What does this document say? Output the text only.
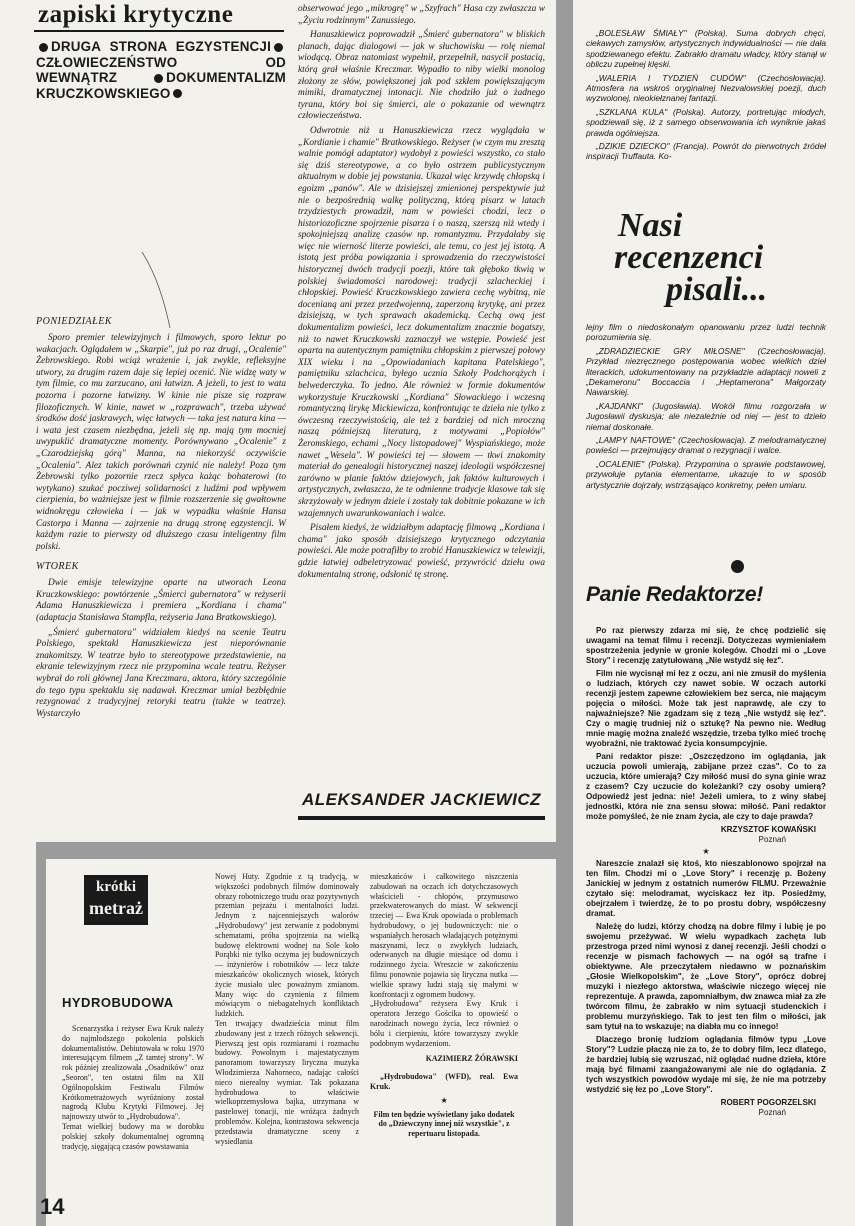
zapiski krytyczne
DRUGA STRONA EGZYSTENCJI CZŁOWIECZEŃSTWO OD WEWNĄTRZ	DOKUMENTALIZM KRUCZKOWSKIEGO
PONIEDZIAŁEK

Sporo premier telewizyjnych i filmowych, sporo lektur po wakacjach. Oglądałem w „Skarpie", już po raz drugi, „Ocalenie" Żebrowskiego. Robi wciąż wrażenie i, jak zwykle, refleksyjne utwory, za drugim razem daje się lepiej ocenić. Nie widzę waty w tym filmie, co mu zarzucano, ani łatwizn. A jeżeli, to jest to wata pozorna i pozorne łatwizny. W kinie nie pisze się rozpraw filozoficznych. W kinie, nawet w „rozprawach", trzeba używać środków dość jaskrawych, więc łatwych — taka jest natura kina — i wata jest czasem niezbędna, jeżeli się np. mają tym mocniej uwypuklić dramatyczne momenty. Porównywano „Ocalenie" z „Czarodziejską górą" Manna, na niekorzyść oczywiście „Ocalenia". Alez takich porównań czynić nie należy! Poza tym Żebrowski tylko pozornie rzecz spłyca każąc bohaterowi (to wytykano) szukać pocziwej solidarności z ludźmi pod wpływem cierpienia, bo ważniejsze jest w filmie rozszerzenie się gwałtowne widnokręgu człowieka i — jak w wypadku właśnie Hansa Castorpa i Manna — zajrzenie na drugą stronę egzystencji. W każdym razie to pierwszy od dłuższego czasu inteligentny film polski.

WTOREK

Dwie emisje telewizyjne oparte na utworach Leona Kruczkowskiego: powtórzenie „Śmierci gubernatora" w reżyserii Adama Hanuszkiewicza i premiera „Kordiana i chama" (adaptacja Stanisława Stampfla, reżyseria Jana Bratkowskiego).

„Śmierć gubernatora" widziałem kiedyś na scenie Teatru Polskiego, spektakl Hanuszkiewicza jest nieporównanie znakomitszy. W teatrze było to stereotypowe przedstawienie, na ekranie telewizyjnym rzecz nie przypomina wcale teatru. Reżyser wybrał do roli głównej Jana Kreczmara, aktora, który szczególnie do tego typu spektaklu się nadawał. Kreczmar umiał bezbłędnie rezygnować z tradycyjnej retoryki teatru (także w teatrze). Wystarczyło

obserwować jego „mikrogrę" w „Szyfrach" Hasa czy zwłaszcza w „Życiu rodzinnym" Zanussiego.

Hanuszkiewicz poprowadził „Śmierć gubernatora" w bliskich planach, dając dialogowi — jak w słuchowisku — rolę niemal wiodącą. Obraz natomiast wypełnił, przepełnił, nasycił postacią, którą grał właśnie Kreczmar. Wypadło to niby wielki monolog złożony ze słów, powiększonej jak pod szkłem powiększającym mimiki, dramatycznej intonacji. Nie chodziło już o żadnego tyrana, który boi się śmierci, ale o pokazanie od wewnątrz człowieczeństwa.

Odwrotnie niż u Hanuszkiewicza rzecz wyglądała w „Kordianie i chamie" Bratkowskiego. Reżyser (w czym mu zresztą walnie pomógł adaptator) wydobył z powieści wszystko, co stało się dziś stereotypowe, a co było ostrzem publicystycznym aktualnym w dobie jej powstania. Ukazał więc krzywdę chłopską i egoizm „panów". Ale w dzisiejszej zmienionej perspektywie już nie o bezpośrednią walkę polityczną, którą pisarz w latach trzydziestych prowadził, nam w powieści chodzi, lecz o historiozoficzne spojrzenie pisarza i o naszą, szerszą niż wtedy i spokojniejszą analizę czasów np. romantyzmu. Przydałaby się więc nie wierność literze powieści, ale temu, co jest jej istotą. A istotą jest próba powiązania i sprowadzenia do rzeczywistości historycznej dwóch tradycji poezji, które tak głęboko tkwią w polskiej świadomości narodowej: tradycji szlacheckiej i chłopskiej. Powieść Kruczkowskiego zawiera cechę wybitną, nie docenianą ani przez przedwojenną, zaperzoną krytykę, ani przez dzisiejszą, w tych sprawach akademicką. Cechą ową jest dokumentalizm powieści, lecz dokumentalizm znacznie bogatszy, niż to nawet Kruczkowski zaznaczył we wstępie. Powieść jest oparta na autentycznym pamiętniku chłopskim z pierwszej połowy XIX wieku i na „Opowiadaniach kapitana Patelskiego", pamiętniku szlachcica, byłego ucznia Szkoły Podchorążych i belwederczyka. To jedno. Ale również w formie dokumentów wykorzystuje Kruczkowski „Kordiana" Słowackiego i wczesną romantyczną lirykę Mickiewicza, konfrontując te dzieła nie tylko z ówczesną rzeczywistością, ale też z bardziej od nich mroczną naszą późniejszą literaturą, z motywami „Popiołów" Żeromskiego, echami „Nocy listopadowej" Wyspiańskiego, może nawet „Wesela". W powieści tej — słowem — tkwi znakomity materiał do genealogii historycznej naszej ideologii współczesnej zarówno w planie faktów dziejowych, jak faktów kulturowych i artystycznych, zwłaszcza, że te odmienne tradycje klasowe tak się skrzyżowały w jednym dziele i zostały tak dobitnie pokazane w ich wzajemnych uwarunkowaniach i walce.

Pisałem kiedyś, że widziałbym adaptację filmową „Kordiana i chama" jako sposób dzisiejszego krytycznego odczytania powieści. Ale może potrafiłby to zrobić Hanuszkiewicz w telewizji, gdzie łatwiej odbeletryzować powieść, przywrócić dziełu owa dokumentalną stronę, odsłonić tę stronę.

ALEKSANDER JACKIEWICZ

„BOLESŁAW ŚMIAŁY" (Polska). Suma dobrych chęci, ciekawych zamysłów, artystycznych indywidualności — nie dała spodziewanego efektu. Zabrakło dramatu władcy, który stanął w obliczu zupełnej klęski.

„WALERIA I TYDZIEŃ CUDÓW" (Czechosłowacja). Atmosfera na wskroś oryginalnej Nezvalowskiej poezji, duch wyzwolonej, nieokiełznanej fantazji.

„SZKLANA KULA" (Polska). Autorzy, portretując młodych, spodziewali się, iż z samego obserwowania ich wyniknie jakaś prawda ogólniejsza.

„DZIKIE DZIECKO" (Francja). Powrót do pierwotnych źródeł inspiracji Truffauta. Ko-

Nasi
recenzenci
pisali...

lejny film o niedoskonałym opanowaniu przez ludzi technik porozumienia się.

„ZDRADZIECKIE GRY MIŁOSNE" (Czechosłowacja). Przykład niezręcznego postępowania wobec wielkich dzieł literackich, udokumentowany na przykładzie adaptacji noweli z „Dekameronu" Boccaccia i „Heptamerona" Małgorzaty Nawarskiej.

„KAJDANKI" (Jugosławia). Wokół filmu rozgorzała w Jugosławii dyskusja; ale niezależnie od niej — jest to dzieło niemal doskonałe.

„LAMPY NAFTOWE" (Czechosłowacja). Z melodramatycznej powieści — przejmujący dramat o rezygnacji i walce.

„OCALENIE" (Polska). Przypomina o sprawie podstawowej, przywołuje pytania elementarne, ukazuje to w sposób artystycznie dojrzały, wstrząsająco konkretny, pełen umiaru.

Panie Redaktorze!

Po raz pierwszy zdarza mi się, że chcę podzielić się uwagami na temat filmu i recenzji. Dotyczezas wymieniałem spostrzeżenia jedynie w gronie kolegów. Chodzi mi o „Love Story" i recenzję zatytułowaną „Nie wstydź się łez".

Film nie wycisnął mi łez z oczu, ani nie zmusił do myślenia o ludziach, których czy nawet sobie. W oczach autorki recenzji jestem zapewne człowiekiem bez serca, nie mającym pojęcia o miłości. Może tak jest naprawdę, ale czy to najważniejsze? Nie zgadzam się z tezą „Nie wstydź się łez". Czy o magię trudniej niż o sztukę? Na pewno nie. Według mnie magię można znaleźć wszędzie, trzeba tylko mieć trochę wyobraźni, nie traktować życia konsumpcyjnie.

Pani redaktor pisze: „Oszczędzono im oglądania, jak uczucia powoli umierają, zabijane przez czas". Co to za uczucia, które umierają? Czy miłość musi do syna ginie wraz z czasem? Czy uczucie do koleżanki? czy osoby umierą? Odpowiedź jest jedna: nie! Jeżeli umiera, to z winy słabej jednostki, która nie zna sensu słowa: miłość. Pani redaktor może pomyśleć, że nie znam życia, ale czy to daje prawda?

KRZYSZTOF KOWAŃSKI
Poznań
★

Nareszcie znalazł się ktoś, kto nieszablonowo spojrzał na ten film. Chodzi mi o „Love Story" i recenzję p. Bożeny Janickiej w jednym z ostatnich numerów FILMU. Przeważnie czytało się: melodramat, wyciskacz łez itp. Posiedźmy, obejrzałem i twierdzę, że to po prostu dobry, współczesny dramat.

Należę do ludzi, którzy chodzą na dobre filmy i lubię je po swojemu przeżywać. W wielu wypadkach zachęta lub przestroga przed nimi wynosi z danej recenzji. Jeśli chodzi o recenzje w pismach fachowych — na ogół są trafne i obiektywne. Ale przeczytałem niedawno w poznańskim „Głosie Wielkopolskim", że „Love Story", oprócz dobrej muzyki i niezłego aktorstwa, właściwie niczego więcej nie reprezentuje. A prawda, zapomniałbym, dw znawca miał za złe twórcom filmu, że zabrakło w nim sytuacji studenckich i problemu murzyńskiego. Tak to jest ten film o miłości, jak sam tytuł na to wskazuje; na diabła mu co innego!

Dlaczego bronię ludziom oglądania filmów typu „Love Story"? Ludzie płaczą nie za to, że to dobry film, lecz dlatego, że bardziej lubią się wzruszać, niż oglądać nudne dzieła, które mają być filmami zaangażowanymi ale nie do oglądania. Z tych wszystkich powodów wydaje mi się, że nie ma potrzeby wstydzić się łez po „Love Story".

ROBERT POGORZELSKI
Poznań
krótki
metraż
HYDROBUDOWA

Scenarzystka i reżyser Ewa Kruk należy do najmłodszego pokolenia polskich dokumentalistów. Debiutowała w roku 1970 interesującym filmem „Z tamtej strony". W rok później zrealizowała „Osadników" oraz „Seoron", ten ostatni film na XII Ogólnopolskim Festiwalu Filmów Krótkometrażowych wyróżniony został nagrodą Klubu Krytyki Filmowej. Jej najnowszy utwór to „Hydrobudowa".
Temat wielkiej budowy ma w dorobku polskiej szkoły dokumentalnej ogromną tradycję, sięgającą czasów powstawania

Nowej Huty. Zgodnie z tą tradycją, w większości podobnych filmów dominowały obrazy robotniczego trudu oraz pozytywnych przemian pejzażu i mentalności ludzi. Jednym z najcenniejszych walorów „Hydrobudowy" jest zerwanie z podobnymi schematami, próba spojrzenia na wielką budowę elektrowni wodnej na Sole koło Porąbki nie tylko oczyma jej budowniczych — inżynierów i robotników — lecz także mieszkańców okolicznych wiosek, których życie musiało ulec poważnym zmianom. Many więc do czynienia z filmem mówiącym o niebagatelnych konfliktach ludzkich.
Ten trwający dwadzieścia minut film zbudowany jest z trzech różnych sekwencji. Pierwszą jest opis rozmiarami i rozmachu budowy. Powolnym i majestatycznym panoramom towarzyszy liryczna muzyka Włodzimierza Nahorneco, nadając całości nieco nierealny wymiar. Tak pokazana hydrobudowa to właściwie wielkoprzemysłowa bajka, utrzymana w pastelowej tonacji, nie wróżąca żadnych problemów. Kolejna, kontrastowa sekwencja przedstawia dramatyczne sceny z wysiedlania

mieszkańców i całkowitego niszczenia zabudowań na oczach ich dotychczasowych właścicieli - chłopów, przymusowo przekwaterowanych do miast. W sekwencji trzeciej — Ewa Kruk opowiada o problemach hydrobudowy, o jej budowniczych: nie o wspaniałych herosach władających potężnymi maszynami, lecz o zwykłych ludziach, oderwanych na długie miesiące od domu i rodzinnego życia. Wreszcie w zakończeniu filmu ponownie pojawia się liryczna nutka — wielkie sprawy ludzi stają się małymi w konfrontacji z ogromem budowy.
„Hydrobudowa" reżysera Ewy Kruk i operatora Jerzego Gościka to opowieść o narodzinach nowego życia, lecz również o bólu i cierpieniu, które towarzyszy zwykle podobnym wydarzeniom.

KAZIMIERZ ŻÓRAWSKI
„Hydrobudowa" (WFD), real. Ewa Kruk.
★
Film ten będzie wyświetlany jako dodatek do „Dziewczyny innej niż wszystkie", z repertuaru listopada.
14
